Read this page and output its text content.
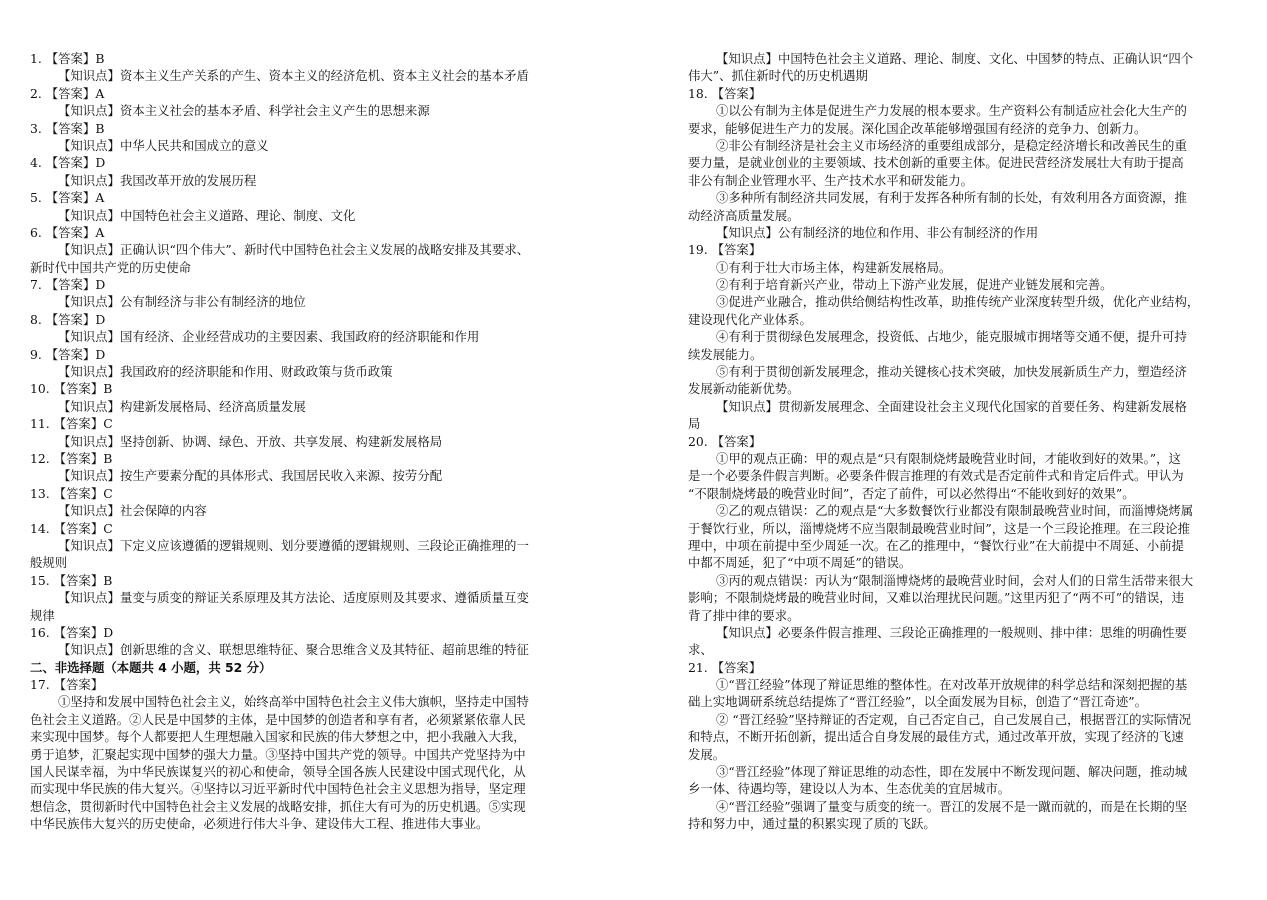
1. 【答案】B
【知识点】资本主义生产关系的产生、资本主义的经济危机、资本主义社会的基本矛盾
2. 【答案】A
【知识点】资本主义社会的基本矛盾、科学社会主义产生的思想来源
3. 【答案】B
【知识点】中华人民共和国成立的意义
4. 【答案】D
【知识点】我国改革开放的发展历程
5. 【答案】A
【知识点】中国特色社会主义道路、理论、制度、文化
6. 【答案】A
【知识点】正确认识“四个伟大”、新时代中国特色社会主义发展的战略安排及其要求、
新时代中国共产党的历史使命
7. 【答案】D
【知识点】公有制经济与非公有制经济的地位
8. 【答案】D
【知识点】国有经济、企业经营成功的主要因素、我国政府的经济职能和作用
9. 【答案】D
【知识点】我国政府的经济职能和作用、财政政策与货币政策
10. 【答案】B
【知识点】构建新发展格局、经济高质量发展
11. 【答案】C
【知识点】坚持创新、协调、绿色、开放、共享发展、构建新发展格局
12. 【答案】B
【知识点】按生产要素分配的具体形式、我国居民收入来源、按劳分配
13. 【答案】C
【知识点】社会保障的内容
14. 【答案】C
【知识点】下定义应该遵循的逻辑规则、划分要遵循的逻辑规则、三段论正确推理的一
般规则
15. 【答案】B
【知识点】量变与质变的辩证关系原理及其方法论、适度原则及其要求、遵循质量互变
规律
16. 【答案】D
【知识点】创新思维的含义、联想思维特征、聚合思维含义及其特征、超前思维的特征
二、非选择题（本题共 4 小题，共 52 分）
17. 【答案】
①坚持和发展中国特色社会主义，始终高举中国特色社会主义伟大旗帜，坚持走中国特
色社会主义道路。②人民是中国梦的主体，是中国梦的创造者和享有者，必须紧紧依靠人民
来实现中国梦。每个人都要把人生理想融入国家和民族的伟大梦想之中，把小我融入大我，
勇于追梦，汇聚起实现中国梦的强大力量。③坚持中国共产党的领导。中国共产党坚持为中
国人民谋幸福，为中华民族谋复兴的初心和使命，领导全国各族人民建设中国式现代化，从
而实现中华民族的伟大复兴。④坚持以习近平新时代中国特色社会主义思想为指导，坚定理
想信念，贯彻新时代中国特色社会主义发展的战略安排，抓住大有可为的历史机遇。⑤实现
中华民族伟大复兴的历史使命，必须进行伟大斗争、建设伟大工程、推进伟大事业。
【知识点】中国特色社会主义道路、理论、制度、文化、中国梦的特点、正确认识“四个
伟大”、抓住新时代的历史机遇期
18. 【答案】
①以公有制为主体是促进生产力发展的根本要求。生产资料公有制适应社会化大生产的
要求，能够促进生产力的发展。深化国企改革能够增强国有经济的竞争力、创新力。
②非公有制经济是社会主义市场经济的重要组成部分，是稳定经济增长和改善民生的重
要力量，是就业创业的主要领域、技术创新的重要主体。促进民营经济发展壮大有助于提高
非公有制企业管理水平、生产技术水平和研发能力。
③多种所有制经济共同发展，有利于发挥各种所有制的长处，有效利用各方面资源，推
动经济高质量发展。
【知识点】公有制经济的地位和作用、非公有制经济的作用
19. 【答案】
①有利于壮大市场主体，构建新发展格局。
②有利于培育新兴产业，带动上下游产业发展，促进产业链发展和完善。
③促进产业融合，推动供给侧结构性改革，助推传统产业深度转型升级，优化产业结构，
建设现代化产业体系。
④有利于贯彻绿色发展理念，投资低、占地少，能克服城市拥堵等交通不便，提升可持
续发展能力。
⑤有利于贯彻创新发展理念，推动关键核心技术突破，加快发展新质生产力，塑造经济
发展新动能新优势。
【知识点】贯彻新发展理念、全面建设社会主义现代化国家的首要任务、构建新发展格
局
20. 【答案】
①甲的观点正确：甲的观点是“只有限制烧烤最晚营业时间，才能收到好的效果。”，这
是一个必要条件假言判断。必要条件假言推理的有效式是否定前件式和肯定后件式。甲认为
“不限制烧烤最的晚营业时间”，否定了前件，可以必然得出“不能收到好的效果”。
②乙的观点错误：乙的观点是“大多数餐饮行业都没有限制最晚营业时间，而淄博烧烤属
于餐饮行业，所以，淄博烧烤不应当限制最晚营业时间”，这是一个三段论推理。在三段论推
理中，中项在前提中至少周延一次。在乙的推理中，“餐饮行业”在大前提中不周延、小前提
中都不周延，犯了“中项不周延”的错误。
③丙的观点错误：丙认为“限制淄博烧烤的最晚营业时间，会对人们的日常生活带来很大
影响；不限制烧烤最的晚营业时间，又难以治理扰民问题。”这里丙犯了“两不可”的错误，违
背了排中律的要求。
【知识点】必要条件假言推理、三段论正确推理的一般规则、排中律：思维的明确性要
求、
21. 【答案】
①“晋江经验”体现了辩证思维的整体性。在对改革开放规律的科学总结和深刻把握的基
础上实地调研系统总结提炼了“晋江经验”，以全面发展为目标，创造了“晋江奇迹”。
② “晋江经验”坚持辩证的否定观，自己否定自己，自己发展自己，根据晋江的实际情况
和特点，不断开拓创新，提出适合自身发展的最佳方式，通过改革开放，实现了经济的飞速
发展。
③“晋江经验”体现了辩证思维的动态性，即在发展中不断发现问题、解决问题，推动城
乡一体、待遇均等，建设以人为本、生态优美的宜居城市。
④“晋江经验”强调了量变与质变的统一。晋江的发展不是一蹴而就的，而是在长期的坚
持和努力中，通过量的积累实现了质的飞跃。
